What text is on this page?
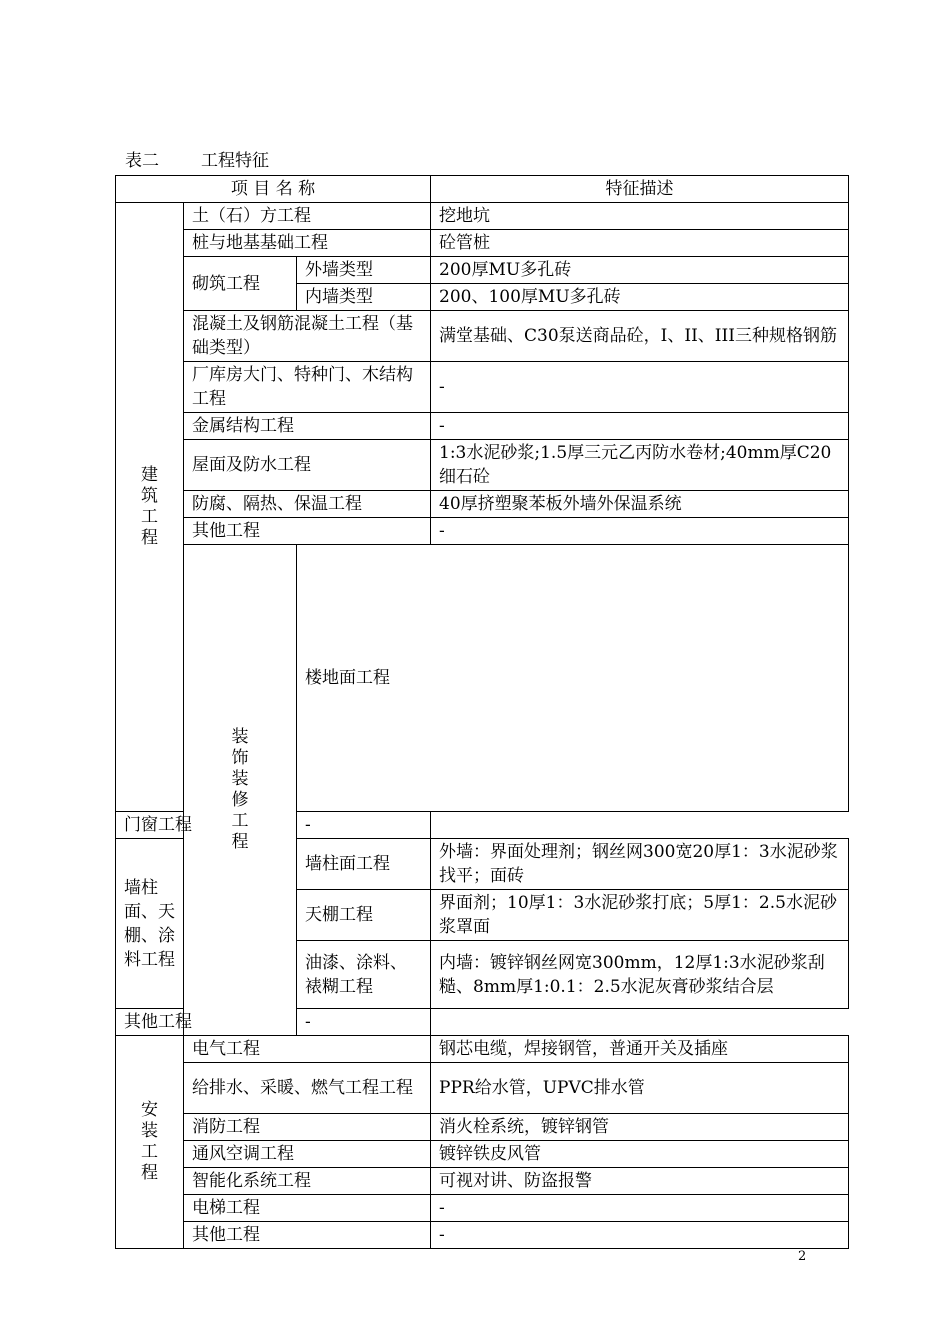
表二 工程特征
项 目 名 称			特征描述	
建筑工程	土（石）方工程		挖地坑	
	桩与地基基础工程		砼管桩	
	砌筑工程	外墙类型	200厚MU多孔砖	
		内墙类型	200、100厚MU多孔砖	
	混凝土及钢筋混凝土工程（基础类型）		满堂基础、C30泵送商品砼，I、II、III三种规格钢筋	
	厂库房大门、特种门、木结构工程		-	
	金属结构工程		-	
	屋面及防水工程		1:3水泥砂浆;1.5厚三元乙丙防水卷材;40mm厚C20细石砼	
	防腐、隔热、保温工程		40厚挤塑聚苯板外墙外保温系统	
	其他工程		-	
	装饰装修工程	楼地面工程	
门窗工程		-		
墙柱面、天棚、涂料工程		墙柱面工程	外墙：界面处理剂；钢丝网300宽20厚1：3水泥砂浆找平；面砖	
		天棚工程	界面剂；10厚1：3水泥砂浆打底；5厚1：2.5水泥砂浆罩面	
		油漆、涂料、裱糊工程	内墙：镀锌钢丝网宽300mm，12厚1:3水泥砂浆刮糙、8mm厚1:0.1：2.5水泥灰膏砂浆结合层	
其他工程		-		
安装工程	电气工程		钢芯电缆，焊接钢管，普通开关及插座	
	给排水、采暖、燃气工程工程		PPR给水管，UPVC排水管	
	消防工程		消火栓系统，镀锌钢管	
	通风空调工程		镀锌铁皮风管	
	智能化系统工程		可视对讲、防盗报警	
	电梯工程		-	
	其他工程		-	
2
